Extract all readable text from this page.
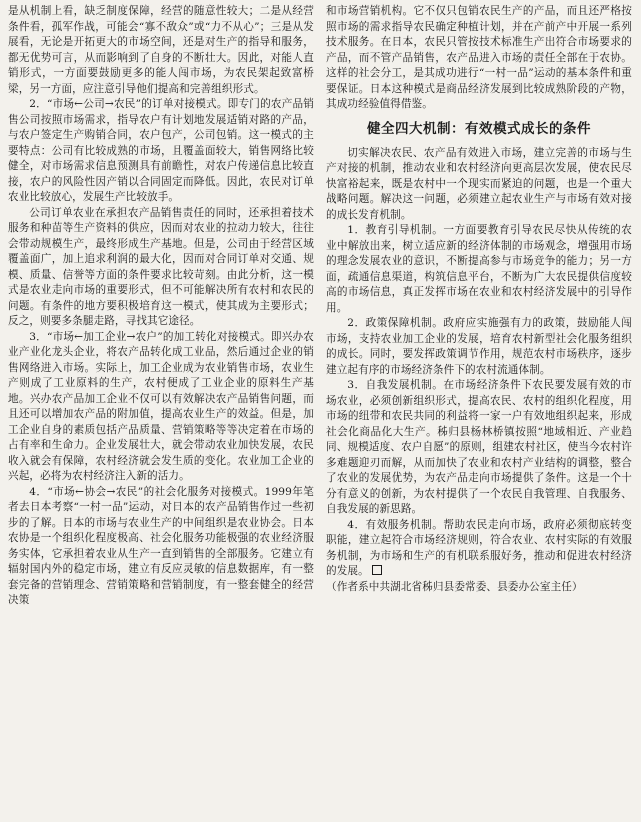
是从机制上看，缺乏制度保障，经营的随意性较大；二是从经营条件看，孤军作战，可能会“寡不敌众”或“力不从心”；三是从发展看，无论是开拓更大的市场空间，还是对生产的指导和服务，都无优势可言，从而影响到了自身的不断壮大。因此，对能人直销形式，一方面要鼓励更多的能人闯市场，为农民架起致富桥梁，另一方面，应注意引导他们提高和完善组织形式。

2．“市场←公司→农民”的订单对接模式。即专门的农产品销售公司按照市场需求，指导农户有计划地发展适销对路的产品，与农户签定生产购销合同，农户包产，公司包销。这一模式的主要特点：公司有比较成熟的市场，且覆盖面较大，销售网络比较健全，对市场需求信息预测具有前瞻性，对农户传递信息比较直接，农户的风险性因产销以合同固定而降低。因此，农民对订单农业比较放心，发展生产比较放手。

公司订单农业在承担农产品销售责任的同时，还承担着技术服务和种苗等生产资料的供应，因而对农业的拉动力较大，往往会带动规模生产，最终形成生产基地。但是，公司由于经营区域覆盖面广，加上追求利润的最大化，因而对合同订单对交通、规模、质量、信誉等方面的条件要求比较苛刻。由此分析，这一模式是农业走向市场的重要形式，但不可能解决所有农村和农民的问题。有条件的地方要积极培育这一模式，使其成为主要形式；反之，则要多条腿走路，寻找其它途径。

3．“市场←加工企业→农户”的加工转化对接模式。即兴办农业产业化龙头企业，将农产品转化成工业品，然后通过企业的销售网络进入市场。实际上，加工企业成为农业销售市场，农业生产则成了工业原料的生产，农村便成了工业企业的原料生产基地。兴办农产品加工企业不仅可以有效解决农产品销售问题，而且还可以增加农产品的附加值，提高农业生产的效益。但是，加工企业自身的素质包括产品质量、营销策略等等决定着在市场的占有率和生命力。企业发展壮大，就会带动农业加快发展，农民收入就会有保障，农村经济就会发生质的变化。农业加工企业的兴起，必将为农村经济注入新的活力。

4．“市场←协会→农民”的社会化服务对接模式。1999年笔者去日本考察“一村一品”运动，对日本的农产品销售作过一些初步的了解。日本的市场与农业生产的中间组织是农业协会。日本农协是一个组织化程度极高、社会化服务功能极强的农业经济服务实体，它承担着农业从生产一直到销售的全部服务。它建立有辐射国内外的稳定市场，建立有反应灵敏的信息数据库，有一整套完备的营销理念、营销策略和营销制度，有一整套健全的经营决策

和市场营销机构。它不仅只包销农民生产的产品，而且还严格按照市场的需求指导农民确定种植计划，并在产前产中开展一系列技术服务。在日本，农民只管按技术标准生产出符合市场要求的产品，而不管产品销售，农产品进入市场的责任全部在于农协。这样的社会分工，是其成功进行“一村一品”运动的基本条件和重要保证。日本这种模式是商品经济发展到比较成熟阶段的产物，其成功经验值得借鉴。

健全四大机制：有效模式成长的条件

切实解决农民、农产品有效进入市场，建立完善的市场与生产对接的机制，推动农业和农村经济向更高层次发展，使农民尽快富裕起来，既是农村中一个现实而紧迫的问题，也是一个重大战略问题。解决这一问题，必须建立起农业生产与市场有效对接的成长发育机制。

1．教育引导机制。一方面要教育引导农民尽快从传统的农业中解放出来，树立适应新的经济体制的市场观念，增强用市场的理念发展农业的意识，不断提高参与市场竞争的能力；另一方面，疏通信息渠道，构筑信息平台，不断为广大农民提供信度较高的市场信息，真正发挥市场在农业和农村经济发展中的引导作用。

2．政策保障机制。政府应实施强有力的政策，鼓励能人闯市场，支持农业加工企业的发展，培育农村新型社会化服务组织的成长。同时，要发挥政策调节作用，规范农村市场秩序，逐步建立起有序的市场经济条件下的农村流通体制。

3．自我发展机制。在市场经济条件下农民要发展有效的市场农业，必须创新组织形式，提高农民、农村的组织化程度，用市场的纽带和农民共同的利益将一家一户有效地组织起来，形成社会化商品化大生产。秭归县杨林桥镇按照“地域相近、产业趋同、规模适度、农户自愿”的原则，组建农村社区，使当今农村许多难题迎刃而解，从而加快了农业和农村产业结构的调整，整合了农业的发展优势，为农产品走向市场提供了条件。这是一个十分有意义的创新，为农村提供了一个农民自我管理、自我服务、自我发展的新思路。

4．有效服务机制。帮助农民走向市场，政府必须彻底转变职能，建立起符合市场经济规则，符合农业、农村实际的有效服务机制，为市场和生产的有机联系服好务，推动和促进农村经济的发展。

（作者系中共湖北省秭归县委常委、县委办公室主任）
